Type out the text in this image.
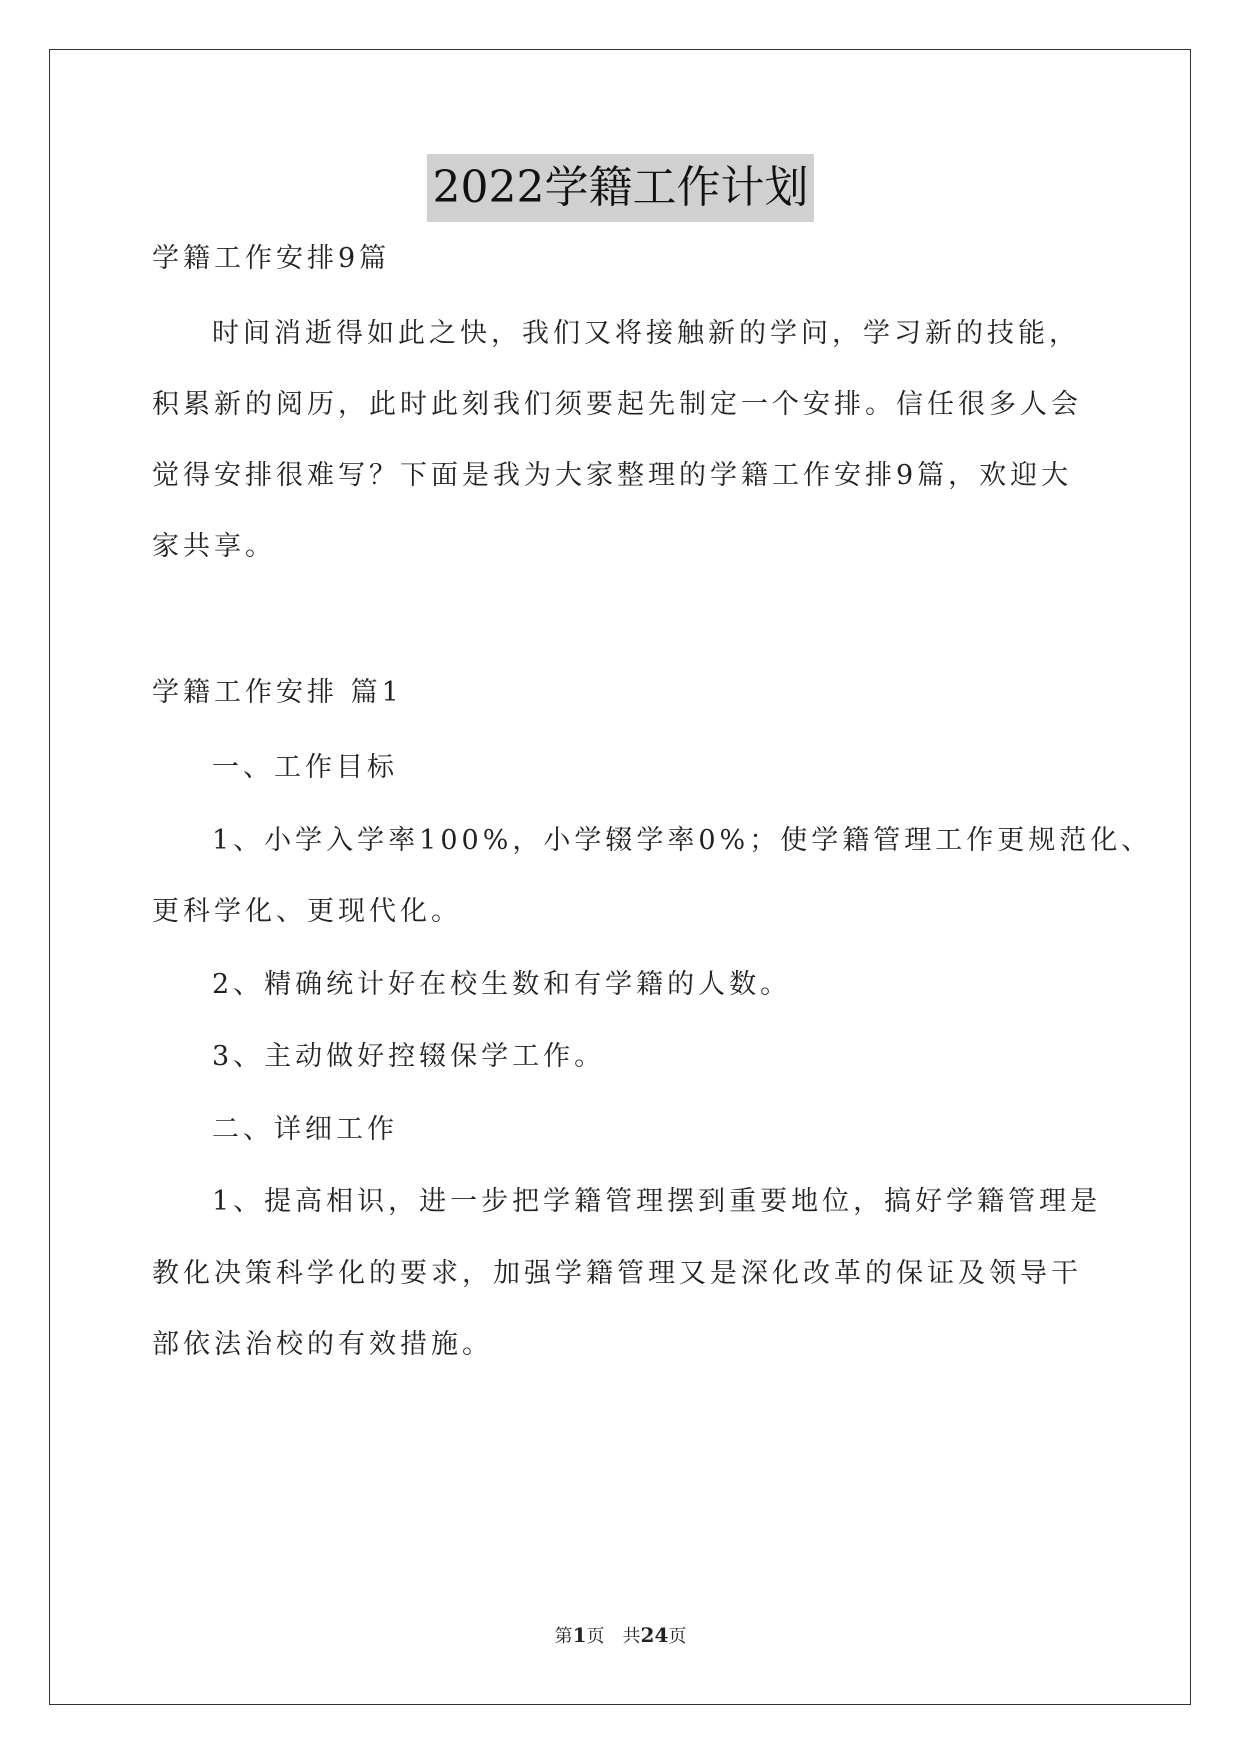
2022学籍工作计划
学籍工作安排9篇
时间消逝得如此之快，我们又将接触新的学问，学习新的技能，
积累新的阅历，此时此刻我们须要起先制定一个安排。信任很多人会
觉得安排很难写？下面是我为大家整理的学籍工作安排9篇，欢迎大
家共享。
学籍工作安排 篇1
一、工作目标
1、小学入学率100%，小学辍学率0%；使学籍管理工作更规范化、
更科学化、更现代化。
2、精确统计好在校生数和有学籍的人数。
3、主动做好控辍保学工作。
二、详细工作
1、提高相识，进一步把学籍管理摆到重要地位，搞好学籍管理是
教化决策科学化的要求，加强学籍管理又是深化改革的保证及领导干
部依法治校的有效措施。
第1页 共24页
